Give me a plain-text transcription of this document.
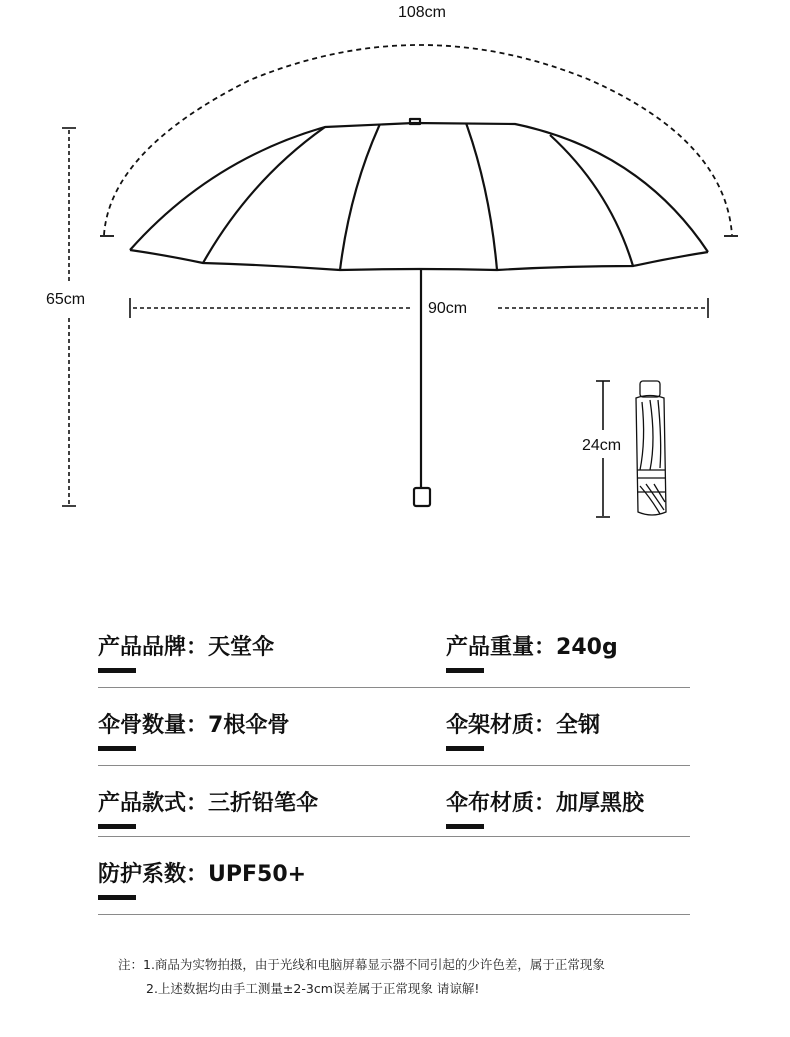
108cm
90cm
65cm
24cm
产品品牌：天堂伞	产品重量：240g
伞骨数量：7根伞骨	伞架材质：全钢
产品款式：三折铅笔伞	伞布材质：加厚黑胶
防护系数：UPF50+
注：1.商品为实物拍摄，由于光线和电脑屏幕显示器不同引起的少许色差，属于正常现象
2.上述数据均由手工测量±2-3cm误差属于正常现象 请谅解!
